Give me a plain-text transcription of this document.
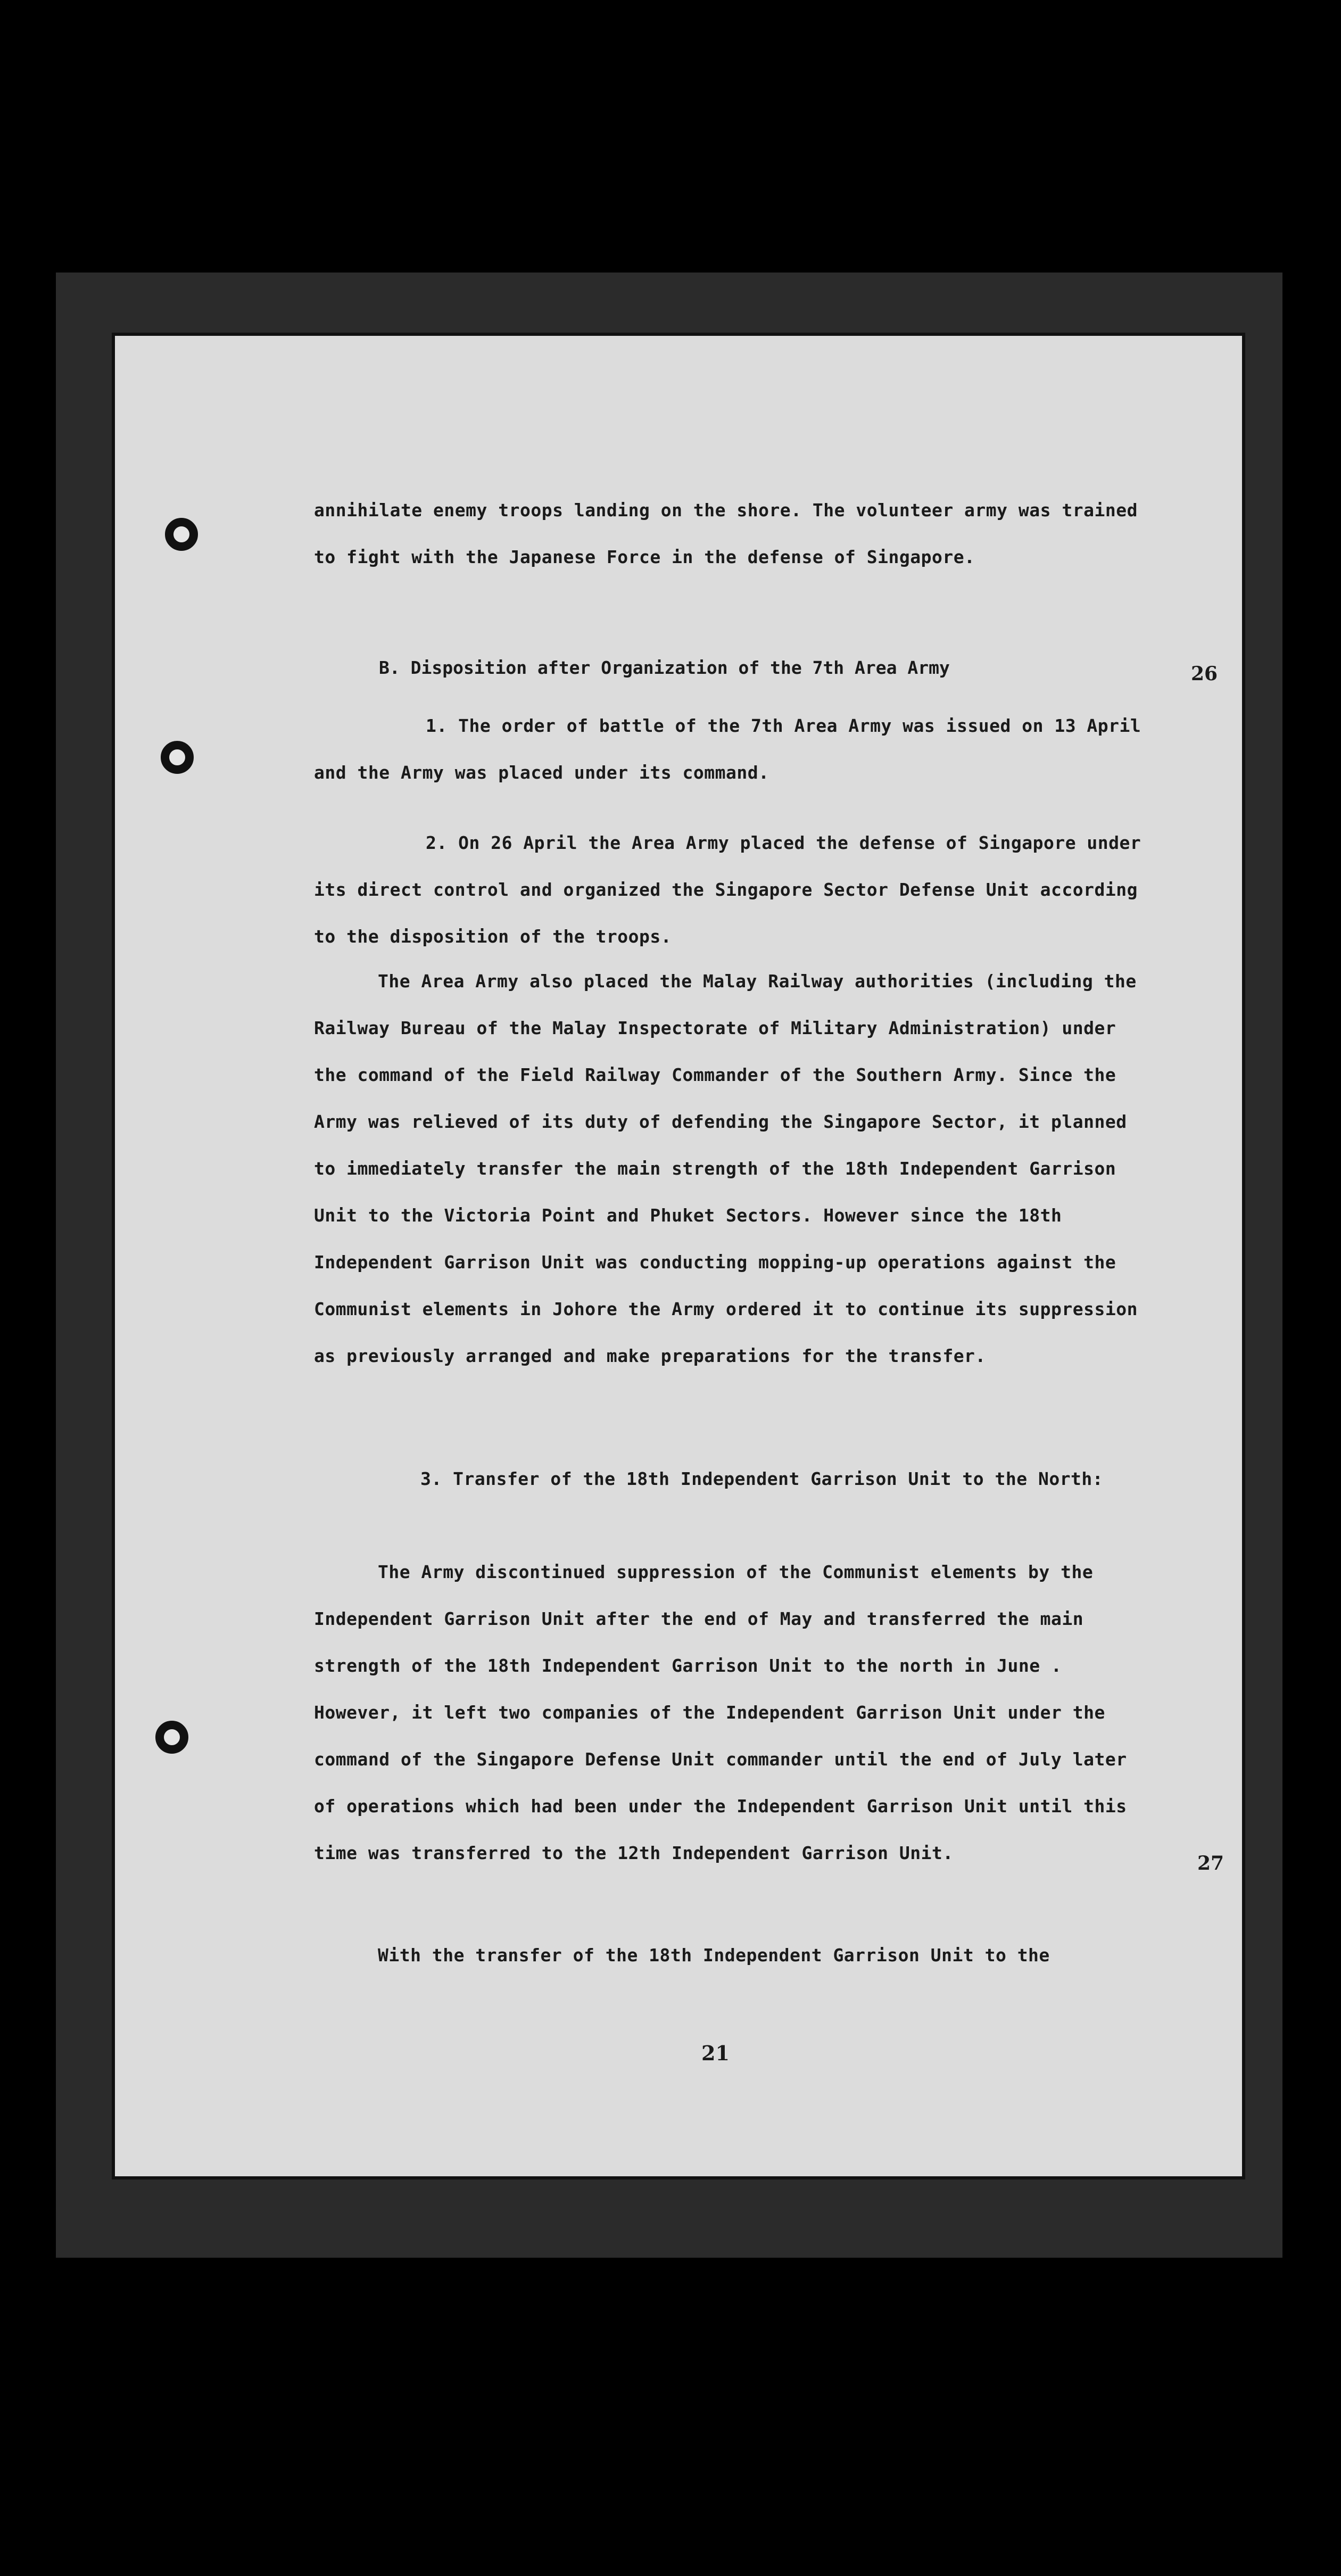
annihilate enemy troops landing on the shore. The volunteer army was trained to fight with the Japanese Force in the defense of Singapore.

B. Disposition after Organization of the 7th Area Army

1. The order of battle of the 7th Area Army was issued on 13 April and the Army was placed under its command.

2. On 26 April the Area Army placed the defense of Singapore under its direct control and organized the Singapore Sector Defense Unit according to the disposition of the troops.

The Area Army also placed the Malay Railway authorities (including the Railway Bureau of the Malay Inspectorate of Military Administration) under the command of the Field Railway Commander of the Southern Army. Since the Army was relieved of its duty of defending the Singapore Sector, it planned to immediately transfer the main strength of the 18th Independent Garrison Unit to the Victoria Point and Phuket Sectors. However since the 18th Independent Garrison Unit was conducting mopping-up operations against the Communist elements in Johore the Army ordered it to continue its suppression as previously arranged and make preparations for the transfer.

3. Transfer of the 18th Independent Garrison Unit to the North:

The Army discontinued suppression of the Communist elements by the Independent Garrison Unit after the end of May and transferred the main strength of the 18th Independent Garrison Unit to the north in June . However, it left two companies of the Independent Garrison Unit under the command of the Singapore Defense Unit commander until the end of July later of operations which had been under the Independent Garrison Unit until this time was transferred to the 12th Independent Garrison Unit.

With the transfer of the 18th Independent Garrison Unit to the

26
27
21
